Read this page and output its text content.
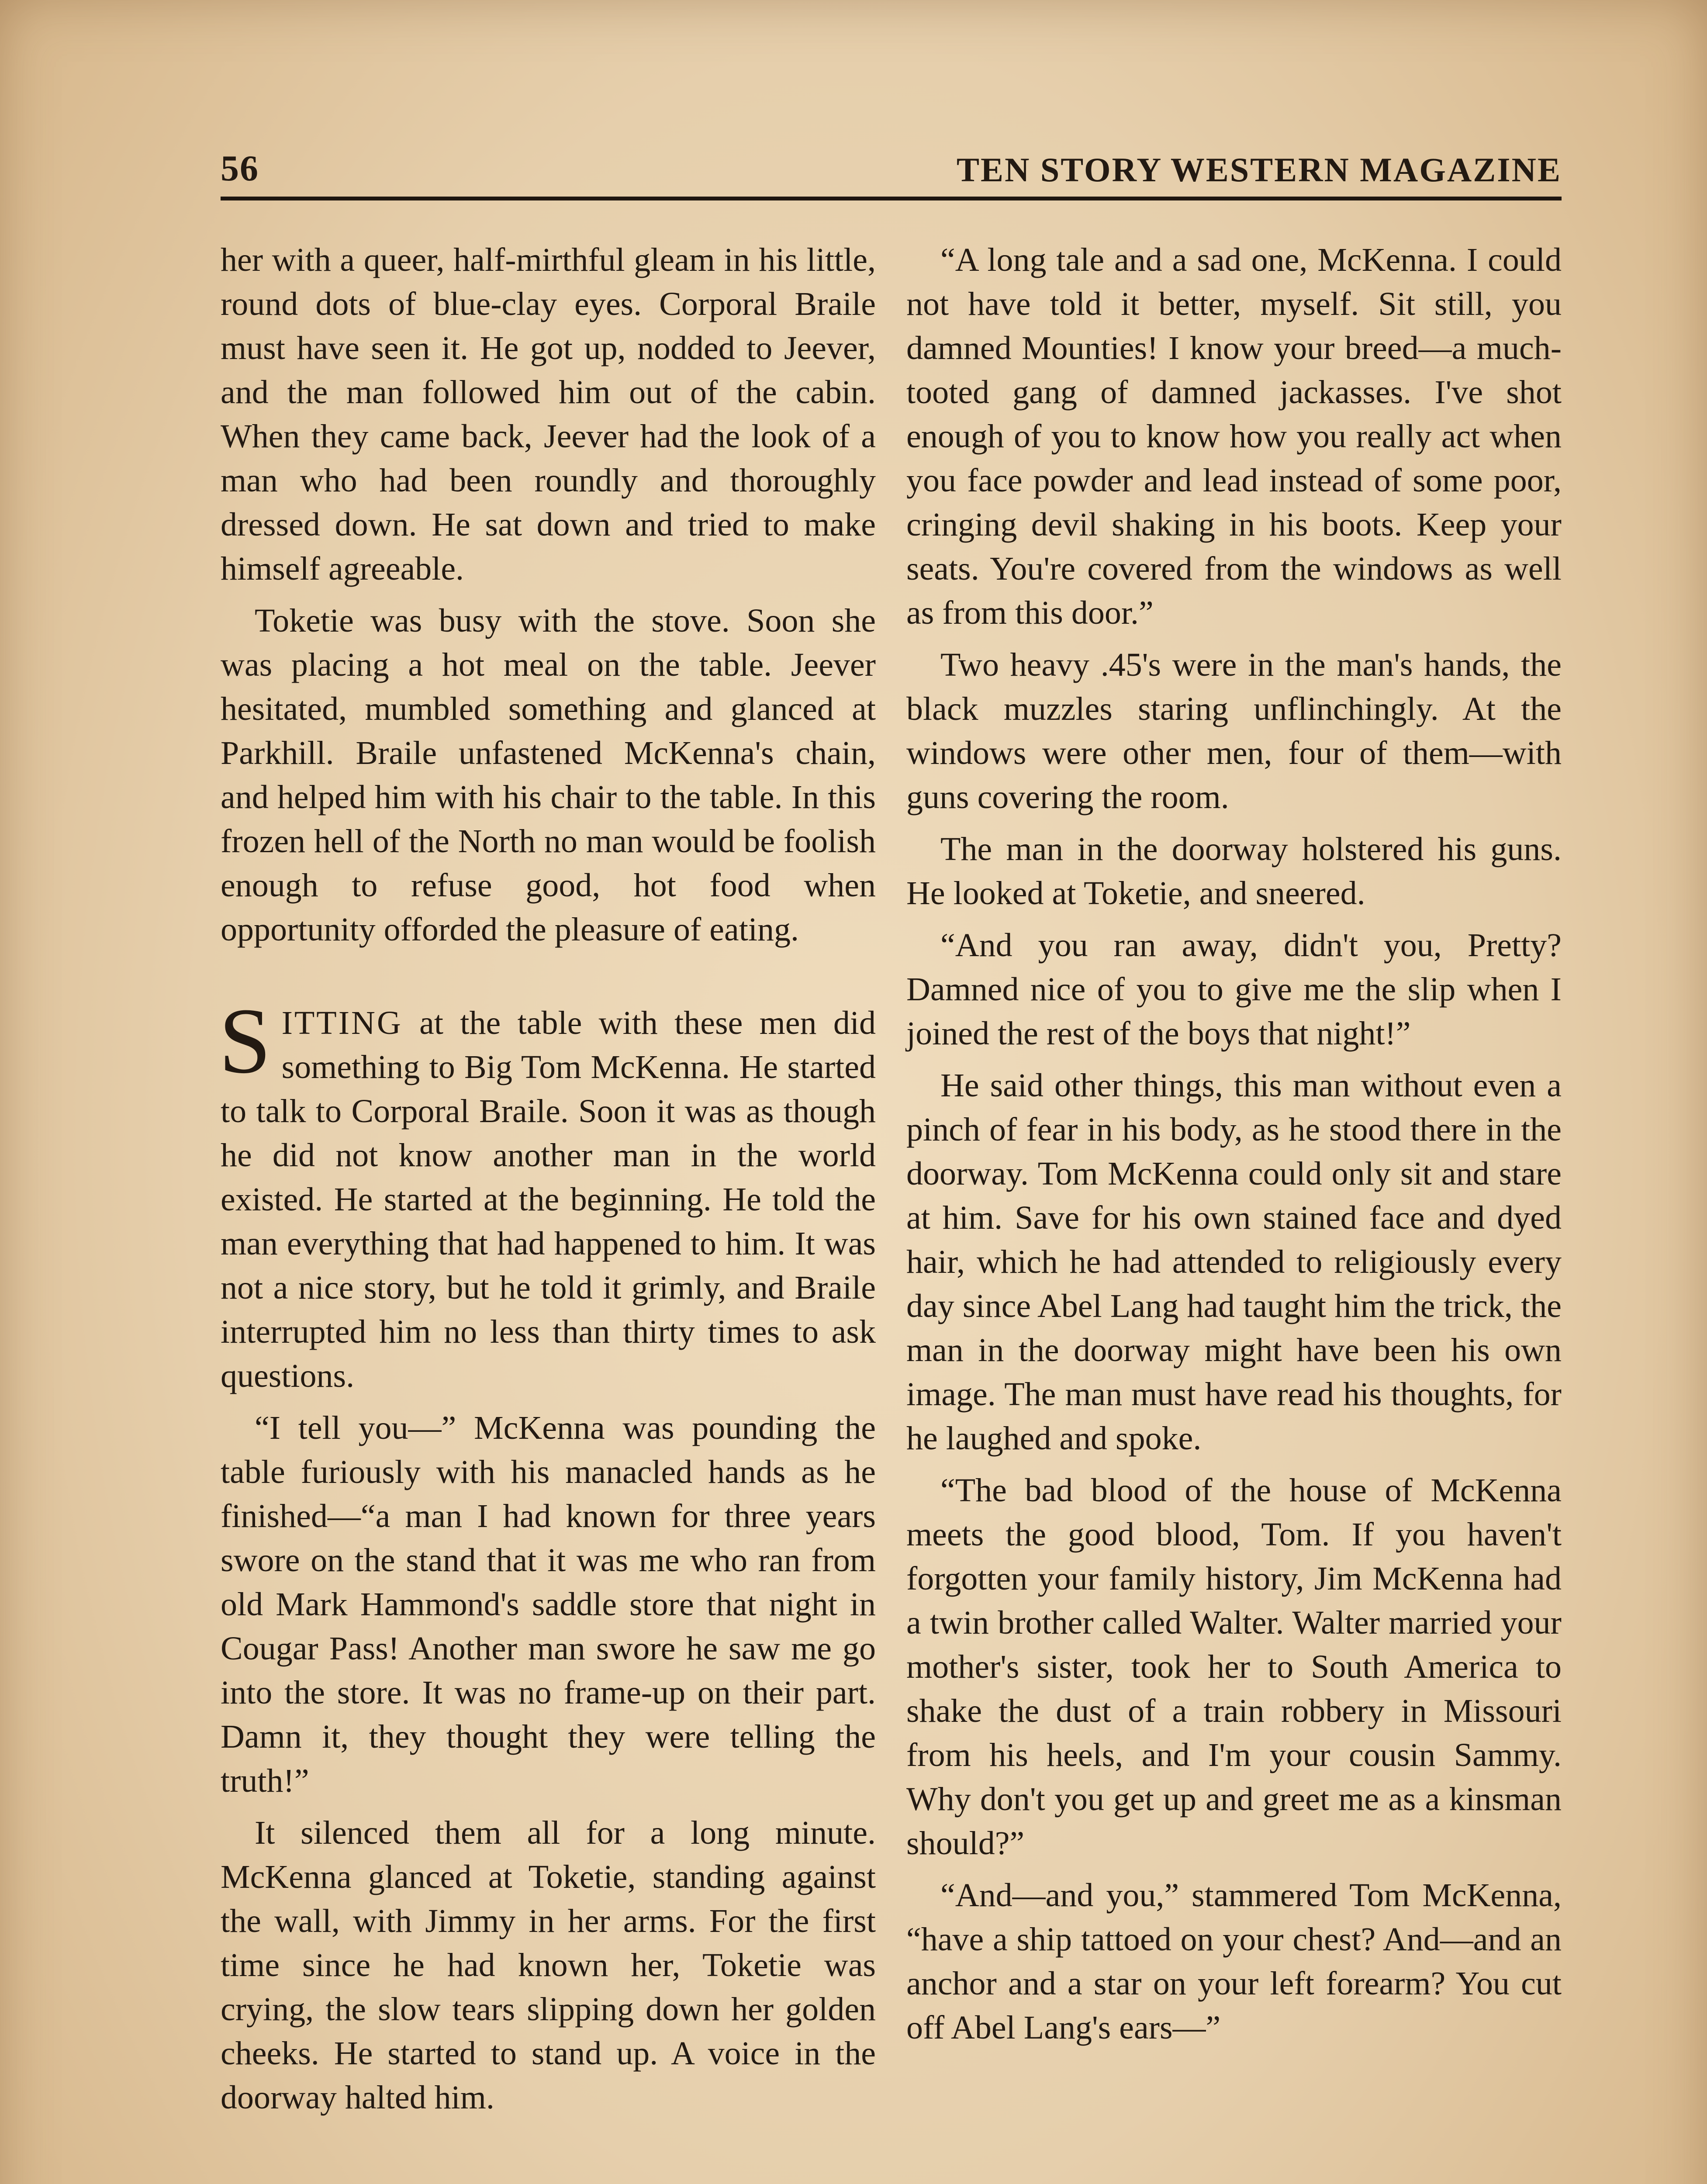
56	TEN STORY WESTERN MAGAZINE

her with a queer, half-mirthful gleam in his little, round dots of blue-clay eyes. Corporal Braile must have seen it. He got up, nodded to Jeever, and the man followed him out of the cabin. When they came back, Jeever had the look of a man who had been roundly and thoroughly dressed down. He sat down and tried to make himself agreeable.

Toketie was busy with the stove. Soon she was placing a hot meal on the table. Jeever hesitated, mumbled something and glanced at Parkhill. Braile unfastened McKenna's chain, and helped him with his chair to the table. In this frozen hell of the North no man would be foolish enough to refuse good, hot food when opportunity offorded the pleasure of eating.

SITTING at the table with these men did something to Big Tom McKenna. He started to talk to Corporal Braile. Soon it was as though he did not know another man in the world existed. He started at the beginning. He told the man everything that had happened to him. It was not a nice story, but he told it grimly, and Braile interrupted him no less than thirty times to ask questions.

“I tell you—” McKenna was pounding the table furiously with his manacled hands as he finished—“a man I had known for three years swore on the stand that it was me who ran from old Mark Hammond's saddle store that night in Cougar Pass! Another man swore he saw me go into the store. It was no frame-up on their part. Damn it, they thought they were telling the truth!”

It silenced them all for a long minute. McKenna glanced at Toketie, standing against the wall, with Jimmy in her arms. For the first time since he had known her, Toketie was crying, the slow tears slipping down her golden cheeks. He started to stand up. A voice in the doorway halted him.

“A long tale and a sad one, McKenna. I could not have told it better, myself. Sit still, you damned Mounties! I know your breed—a much-tooted gang of damned jackasses. I've shot enough of you to know how you really act when you face powder and lead instead of some poor, cringing devil shaking in his boots. Keep your seats. You're covered from the windows as well as from this door.”

Two heavy .45's were in the man's hands, the black muzzles staring unflinchingly. At the windows were other men, four of them—with guns covering the room.

The man in the doorway holstered his guns. He looked at Toketie, and sneered.

“And you ran away, didn't you, Pretty? Damned nice of you to give me the slip when I joined the rest of the boys that night!”

He said other things, this man without even a pinch of fear in his body, as he stood there in the doorway. Tom McKenna could only sit and stare at him. Save for his own stained face and dyed hair, which he had attended to religiously every day since Abel Lang had taught him the trick, the man in the doorway might have been his own image. The man must have read his thoughts, for he laughed and spoke.

“The bad blood of the house of McKenna meets the good blood, Tom. If you haven't forgotten your family history, Jim McKenna had a twin brother called Walter. Walter married your mother's sister, took her to South America to shake the dust of a train robbery in Missouri from his heels, and I'm your cousin Sammy. Why don't you get up and greet me as a kinsman should?”

“And—and you,” stammered Tom McKenna, “have a ship tattoed on your chest? And—and an anchor and a star on your left forearm? You cut off Abel Lang's ears—”
